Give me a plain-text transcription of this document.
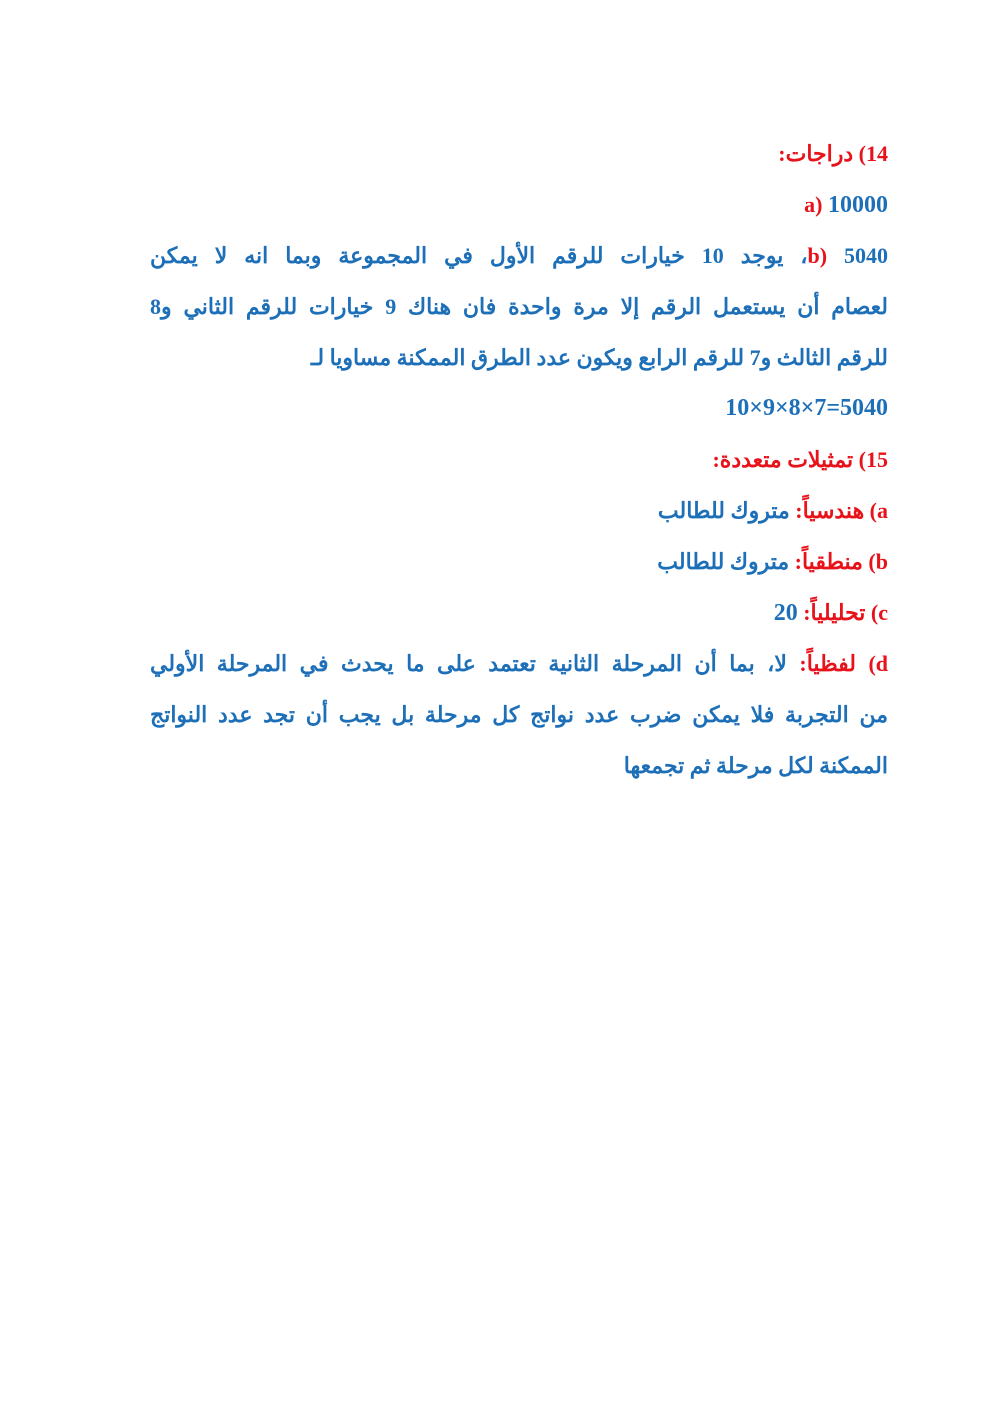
14) دراجات:
a) 10000
b) 5040، يوجد 10 خيارات للرقم الأول في المجموعة وبما انه لا يمكن
لعصام أن يستعمل الرقم إلا مرة واحدة فان هناك 9 خيارات للرقم الثاني و8
للرقم الثالث و7 للرقم الرابع ويكون عدد الطرق الممكنة مساويا لـ
10×9×8×7=5040
15) تمثيلات متعددة:
a) هندسياً: متروك للطالب
b) منطقياً: متروك للطالب
c) تحليلياً: 20
d) لفظياً: لا، بما أن المرحلة الثانية تعتمد على ما يحدث في المرحلة الأولي
من التجربة فلا يمكن ضرب عدد نواتج كل مرحلة بل يجب أن تجد عدد النواتج
الممكنة لكل مرحلة ثم تجمعها
